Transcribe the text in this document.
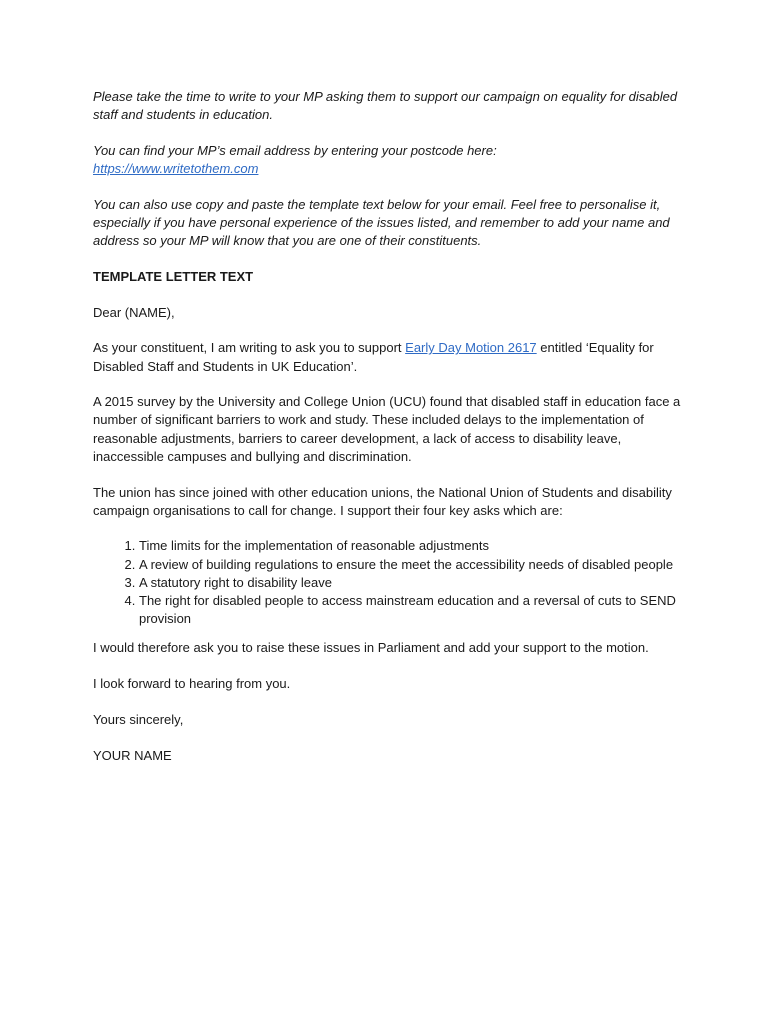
Please take the time to write to your MP asking them to support our campaign on equality for disabled staff and students in education.

You can find your MP’s email address by entering your postcode here:
https://www.writetothem.com

You can also use copy and paste the template text below for your email. Feel free to personalise it, especially if you have personal experience of the issues listed, and remember to add your name and address so your MP will know that you are one of their constituents.

TEMPLATE LETTER TEXT

Dear (NAME),

As your constituent, I am writing to ask you to support Early Day Motion 2617 entitled ‘Equality for Disabled Staff and Students in UK Education’.

A 2015 survey by the University and College Union (UCU) found that disabled staff in education face a number of significant barriers to work and study. These included delays to the implementation of reasonable adjustments, barriers to career development, a lack of access to disability leave, inaccessible campuses and bullying and discrimination.

The union has since joined with other education unions, the National Union of Students and disability campaign organisations to call for change. I support their four key asks which are:

1. Time limits for the implementation of reasonable adjustments
2. A review of building regulations to ensure the meet the accessibility needs of disabled people
3. A statutory right to disability leave
4. The right for disabled people to access mainstream education and a reversal of cuts to SEND provision

I would therefore ask you to raise these issues in Parliament and add your support to the motion.

I look forward to hearing from you.

Yours sincerely,

YOUR NAME
